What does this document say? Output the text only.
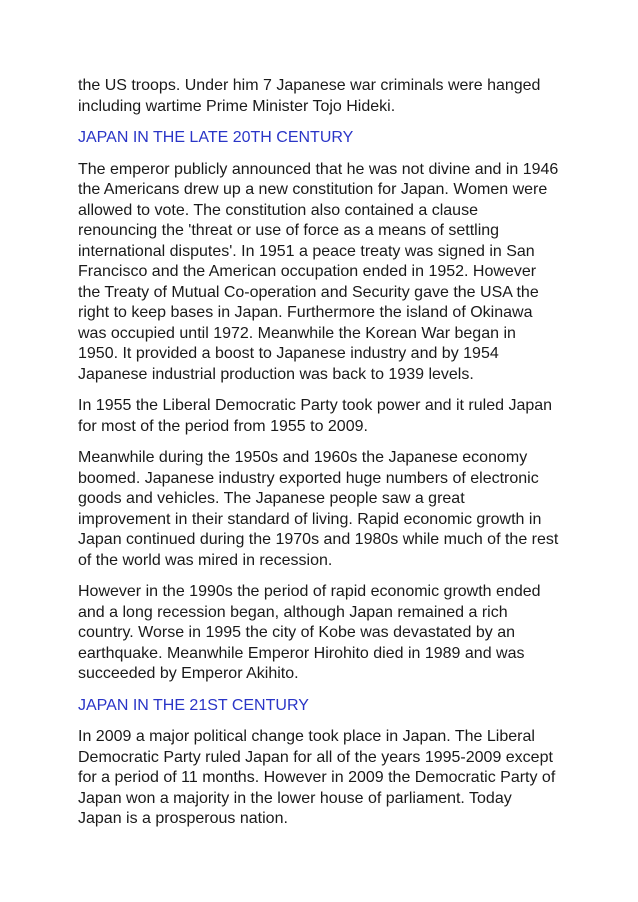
the US troops. Under him 7 Japanese war criminals were hanged
including wartime Prime Minister Tojo Hideki.

JAPAN IN THE LATE 20TH CENTURY

The emperor publicly announced that he was not divine and in 1946
the Americans drew up a new constitution for Japan. Women were
allowed to vote. The constitution also contained a clause
renouncing the 'threat or use of force as a means of settling
international disputes'. In 1951 a peace treaty was signed in San
Francisco and the American occupation ended in 1952. However
the Treaty of Mutual Co-operation and Security gave the USA the
right to keep bases in Japan. Furthermore the island of Okinawa
was occupied until 1972. Meanwhile the Korean War began in
1950. It provided a boost to Japanese industry and by 1954
Japanese industrial production was back to 1939 levels.

In 1955 the Liberal Democratic Party took power and it ruled Japan
for most of the period from 1955 to 2009.

Meanwhile during the 1950s and 1960s the Japanese economy
boomed. Japanese industry exported huge numbers of electronic
goods and vehicles. The Japanese people saw a great
improvement in their standard of living. Rapid economic growth in
Japan continued during the 1970s and 1980s while much of the rest
of the world was mired in recession.

However in the 1990s the period of rapid economic growth ended
and a long recession began, although Japan remained a rich
country. Worse in 1995 the city of Kobe was devastated by an
earthquake. Meanwhile Emperor Hirohito died in 1989 and was
succeeded by Emperor Akihito.

JAPAN IN THE 21ST CENTURY

In 2009 a major political change took place in Japan. The Liberal
Democratic Party ruled Japan for all of the years 1995-2009 except
for a period of 11 months. However in 2009 the Democratic Party of
Japan won a majority in the lower house of parliament. Today
Japan is a prosperous nation.
